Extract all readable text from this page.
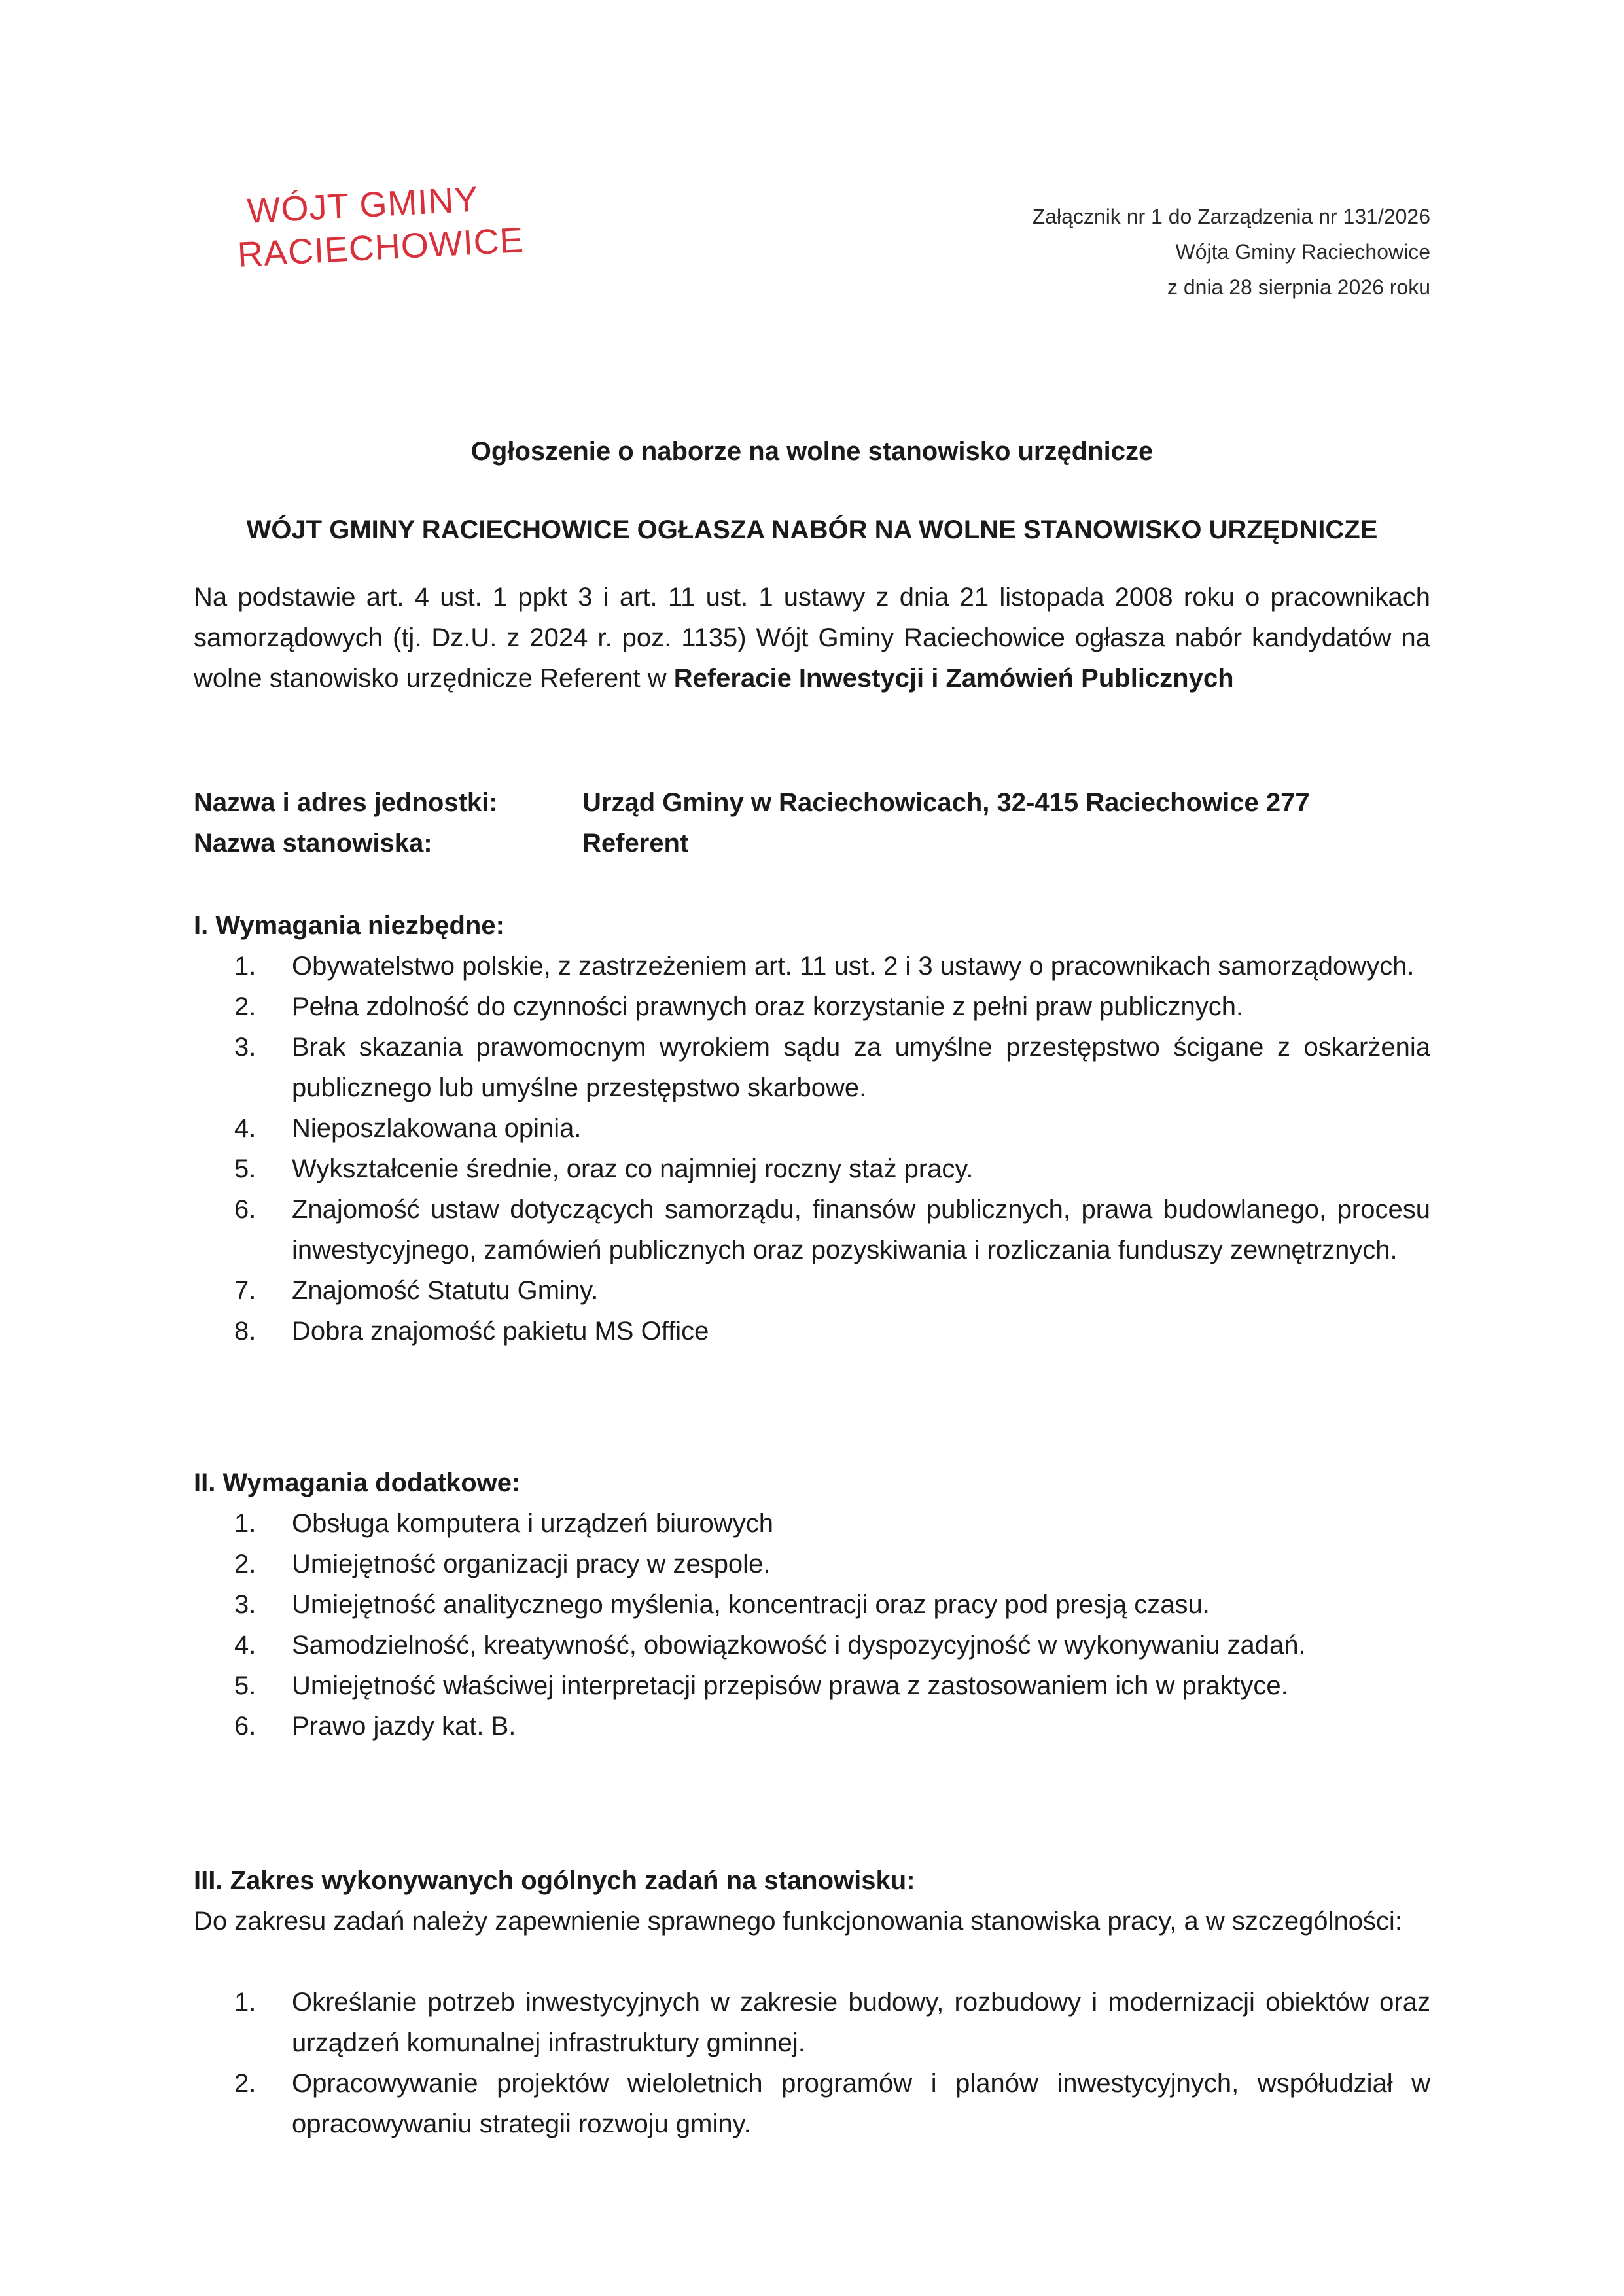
WÓJT GMINY
RACIECHOWICE
Załącznik nr 1 do Zarządzenia nr 131/2026
Wójta Gminy Raciechowice
z dnia 28 sierpnia 2026 roku
Ogłoszenie o naborze na wolne stanowisko urzędnicze
WÓJT GMINY RACIECHOWICE OGŁASZA NABÓR NA WOLNE STANOWISKO URZĘDNICZE
Na podstawie art. 4 ust. 1 ppkt 3 i art. 11 ust. 1 ustawy z dnia 21 listopada 2008 roku o pracownikach samorządowych (tj. Dz.U. z 2024 r. poz. 1135) Wójt Gminy Raciechowice ogłasza nabór kandydatów na wolne stanowisko urzędnicze Referent w Referacie Inwestycji i Zamówień Publicznych
Nazwa i adres jednostki:	Urząd Gminy w Raciechowicach, 32-415 Raciechowice 277
Nazwa stanowiska:	Referent
I. Wymagania niezbędne:
1. Obywatelstwo polskie, z zastrzeżeniem art. 11 ust. 2 i 3 ustawy o pracownikach samorządowych.
2. Pełna zdolność do czynności prawnych oraz korzystanie z pełni praw publicznych.
3. Brak skazania prawomocnym wyrokiem sądu za umyślne przestępstwo ścigane z oskarżenia publicznego lub umyślne przestępstwo skarbowe.
4. Nieposzlakowana opinia.
5. Wykształcenie średnie, oraz co najmniej roczny staż pracy.
6. Znajomość ustaw dotyczących samorządu, finansów publicznych, prawa budowlanego, procesu inwestycyjnego, zamówień publicznych oraz pozyskiwania i rozliczania funduszy zewnętrznych.
7. Znajomość Statutu Gminy.
8. Dobra znajomość pakietu MS Office
II. Wymagania dodatkowe:
1. Obsługa komputera i urządzeń biurowych
2. Umiejętność organizacji pracy w zespole.
3. Umiejętność analitycznego myślenia, koncentracji oraz pracy pod presją czasu.
4. Samodzielność, kreatywność, obowiązkowość i dyspozycyjność w wykonywaniu zadań.
5. Umiejętność właściwej interpretacji przepisów prawa z zastosowaniem ich w praktyce.
6. Prawo jazdy kat. B.
III. Zakres wykonywanych ogólnych zadań na stanowisku:
Do zakresu zadań należy zapewnienie sprawnego funkcjonowania stanowiska pracy, a w szczególności:
1. Określanie potrzeb inwestycyjnych w zakresie budowy, rozbudowy i modernizacji obiektów oraz urządzeń komunalnej infrastruktury gminnej.
2. Opracowywanie projektów wieloletnich programów i planów inwestycyjnych, współudział w opracowywaniu strategii rozwoju gminy.
